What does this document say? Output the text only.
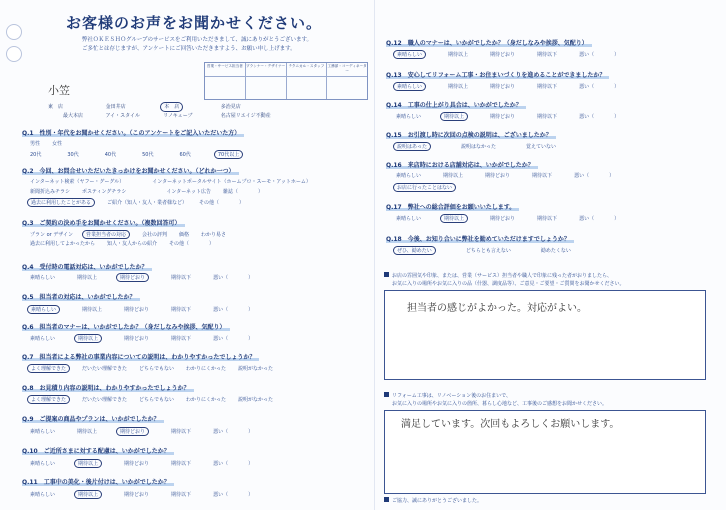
お客様のお声をお聞かせください。
弊社ＯＫＥＳＨＯグループのサービスをご利用いただきまして、誠にありがとうございます。
ご多忙とは存じますが、アンケートにご回答いただきますよう、お願い申し上げます。
営業・サービス担当者 プランナー・デザイナー テクニカル・スタッフ 工務部・コーディネーター
小笠
東　店	金田井店	本　店	多治見店
　　　最大本店	アイ・スタイル	リノキューブ	名古屋リエイジ不動産
Q.1　性別・年代をお聞かせください。（このアンケートをご記入いただいた方）
男性 女性
20代	30代	40代	50代	60代	70代以上
Q.2　今回、お問合せいただいたきっかけをお聞かせください。（どれか一つ）
インターネット検索（ヤフー・グーグル）	インターネットポータルサイト（ホームプロ・スーモ・アットホーム）
新聞折込みチラシ ポスティングチラシ	インターネット広告 雑誌（　　　　）
過去に利用したことがある	ご紹介（知人・友人・業者様など） その他（　　　　）
Q.3　ご契約の決め手をお聞かせください。（複数回答可）
プラン or デザイン	営業担当者の対応	会社の評判 価格 わかり易さ
過去に利用してよかったから 知人・友人からの紹介 その他（　　　　）
Q.4　受付時の電話対応は、いかがでしたか？
素晴らしい	期待以上	期待どおり	期待以下	悪い（　　　　）
Q.5　担当者の対応は、いかがでしたか？
素晴らしい	期待以上	期待どおり	期待以下	悪い（　　　　）
Q.6　担当者のマナーは、いかがでしたか？（身だしなみや挨拶、気配り）
素晴らしい	期待以上	期待どおり	期待以下	悪い（　　　　）
Q.7　担当者による弊社の事業内容についての説明は、わかりやすかったでしょうか？
よく理解できた	だいたい理解できた どちらでもない わかりにくかった 説明がなかった
Q.8　お見積り内容の説明は、わかりやすかったでしょうか？
よく理解できた	だいたい理解できた どちらでもない わかりにくかった 説明がなかった
Q.9　ご提案の商品やプランは、いかがでしたか？
素晴らしい	期待以上	期待どおり	期待以下	悪い（　　　　）
Q.10　ご近所さまに対する配慮は、いかがでしたか？
素晴らしい	期待以上	期待どおり	期待以下	悪い（　　　　）
Q.11　工事中の美化・後片付けは、いかがでしたか？
素晴らしい	期待以上	期待どおり	期待以下	悪い（　　　　）
Q.12　職人のマナーは、いかがでしたか？（身だしなみや挨拶、気配り）
素晴らしい	期待以上	期待どおり	期待以下	悪い（　　　　）
Q.13　安心してリフォーム工事・お住まいづくりを進めることができましたか？
素晴らしい	期待以上	期待どおり	期待以下	悪い（　　　　）
Q.14　工事の仕上がり具合は、いかがでしたか？
素晴らしい	期待以上	期待どおり	期待以下	悪い（　　　　）
Q.15　お引渡し時に次回の点検の説明は、ございましたか？
説明はあった	説明はなかった	覚えていない
Q.16　来店時における店舗対応は、いかがでしたか？
素晴らしい	期待以上	期待どおり	期待以下	悪い（　　　　）
お店に行ったことはない
Q.17　弊社への総合評価をお願いいたします。
素晴らしい	期待以上	期待どおり	期待以下	悪い（　　　　）
Q.18　今後、お知り合いに弊社を勧めていただけますでしょうか？
ぜひ、勧めたい	どちらとも言えない	勧めたくない
お店の雰囲気や印象、または、営業（サービス）担当者や職人で印象に残った者がおりましたら、
お気に入りの場所やお気に入りの品（什器、調度品等）、ご意見・ご要望・ご質問をお聞かせください。
担当者の感じがよかった。対応がよい。
リフォーム工事は、リノベーション後のお住まいで、
お気に入りの場所やお気に入りの箇所、暮らし心地など、工事後のご感想をお聞かせください。
満足しています。次回もよろしくお願いします。
ご協力、誠にありがとうございました。
